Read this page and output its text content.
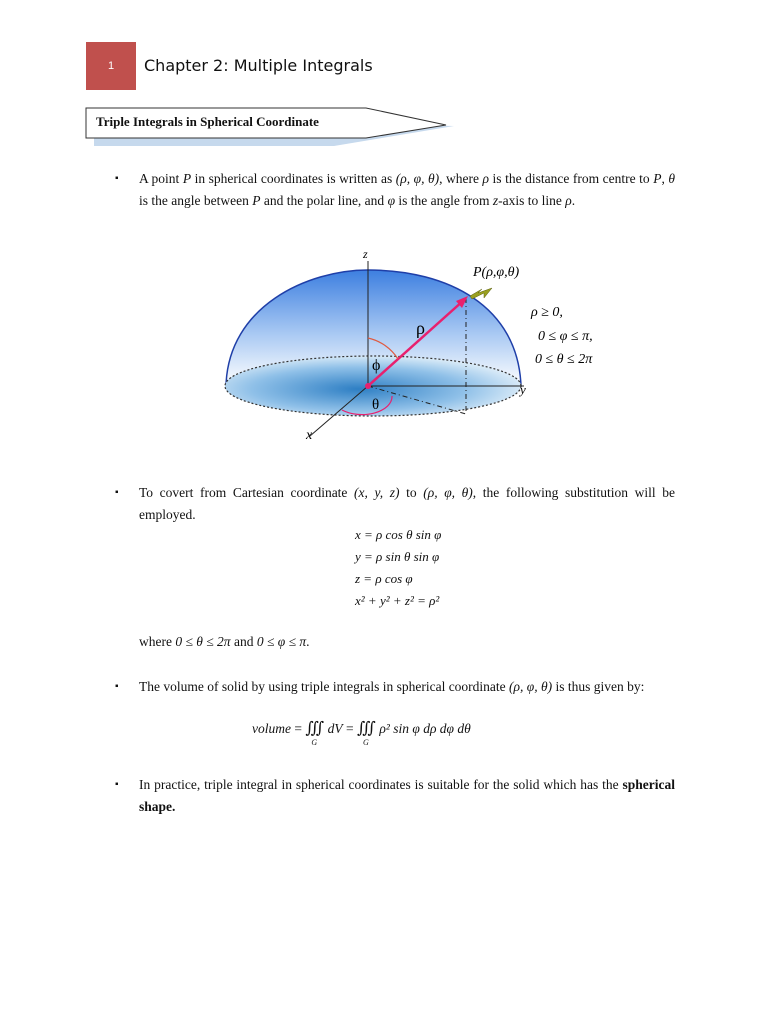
1 Chapter 2: Multiple Integrals
Triple Integrals in Spherical Coordinate
▪ A point P in spherical coordinates is written as (ρ, φ, θ), where ρ is the distance from centre to P, θ is the angle between P and the polar line, and φ is the angle from z-axis to line ρ.
z
y
x
ρ
ϕ
θ
P(ρ,φ,θ)
ρ ≥ 0,
0 ≤ φ ≤ π,
0 ≤ θ ≤ 2π
▪ To covert from Cartesian coordinate (x, y, z) to (ρ, φ, θ), the following substitution will be employed.
x = ρ cos θ sin φ
y = ρ sin θ sin φ
z = ρ cos φ
x² + y² + z² = ρ²
where 0 ≤ θ ≤ 2π and 0 ≤ φ ≤ π.
▪ The volume of solid by using triple integrals in spherical coordinate (ρ, φ, θ) is thus given by:
volume = ∭
G
dV = ∭
G
ρ² sin φ dρ dφ dθ
▪ In practice, triple integral in spherical coordinates is suitable for the solid which has the spherical shape.
